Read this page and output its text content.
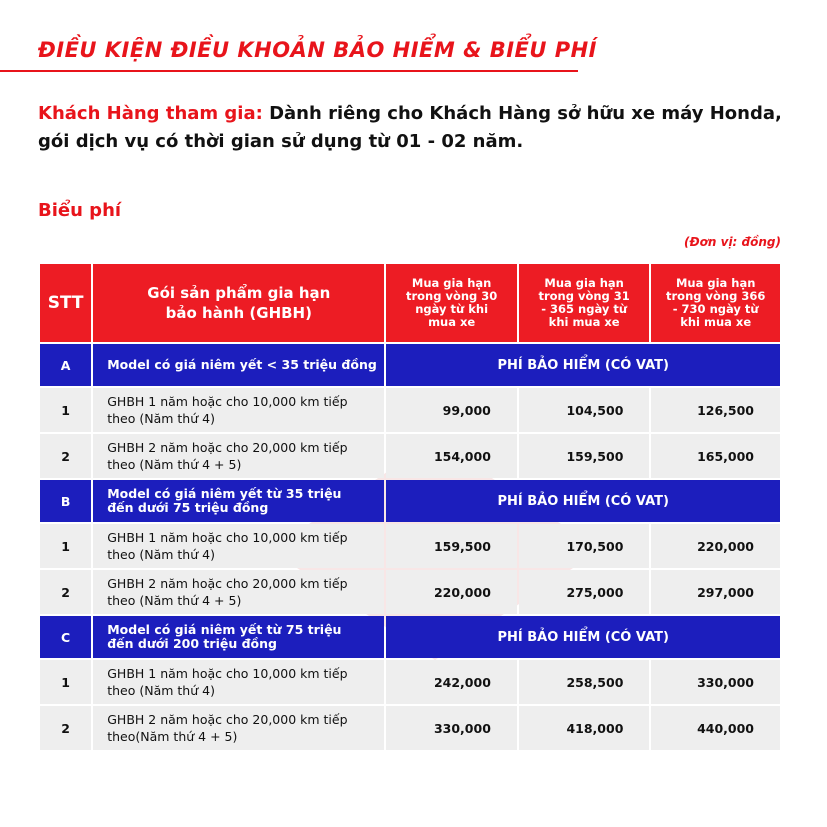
ĐIỀU KIỆN ĐIỀU KHOẢN BẢO HIỂM & BIỂU PHÍ
Khách Hàng tham gia: Dành riêng cho Khách Hàng sở hữu xe máy Honda, gói dịch vụ có thời gian sử dụng từ 01 - 02 năm.
Biểu phí
(Đơn vị: đồng)
STT	Gói sản phẩm gia hạn bảo hành (GHBH)	Mua gia hạn trong vòng 30 ngày từ khi mua xe	Mua gia hạn trong vòng 31 - 365 ngày từ khi mua xe	Mua gia hạn trong vòng 366 - 730 ngày từ khi mua xe

A	Model có giá niêm yết < 35 triệu đồng	PHÍ BẢO HIỂM (CÓ VAT)		
1	GHBH 1 năm hoặc cho 10,000 km tiếp theo (Năm thứ 4)	99,000	104,500	126,500
2	GHBH 2 năm hoặc cho 20,000 km tiếp theo (Năm thứ 4 + 5)	154,000	159,500	165,000
B	Model có giá niêm yết từ 35 triệu đến dưới 75 triệu đồng	PHÍ BẢO HIỂM (CÓ VAT)		
1	GHBH 1 năm hoặc cho 10,000 km tiếp theo (Năm thứ 4)	159,500	170,500	220,000
2	GHBH 2 năm hoặc cho 20,000 km tiếp theo (Năm thứ 4 + 5)	220,000	275,000	297,000
C	Model có giá niêm yết từ 75 triệu đến dưới 200 triệu đồng	PHÍ BẢO HIỂM (CÓ VAT)		
1	GHBH 1 năm hoặc cho 10,000 km tiếp theo (Năm thứ 4)	242,000	258,500	330,000
2	GHBH 2 năm hoặc cho 20,000 km tiếp theo(Năm thứ 4 + 5)	330,000	418,000	440,000
